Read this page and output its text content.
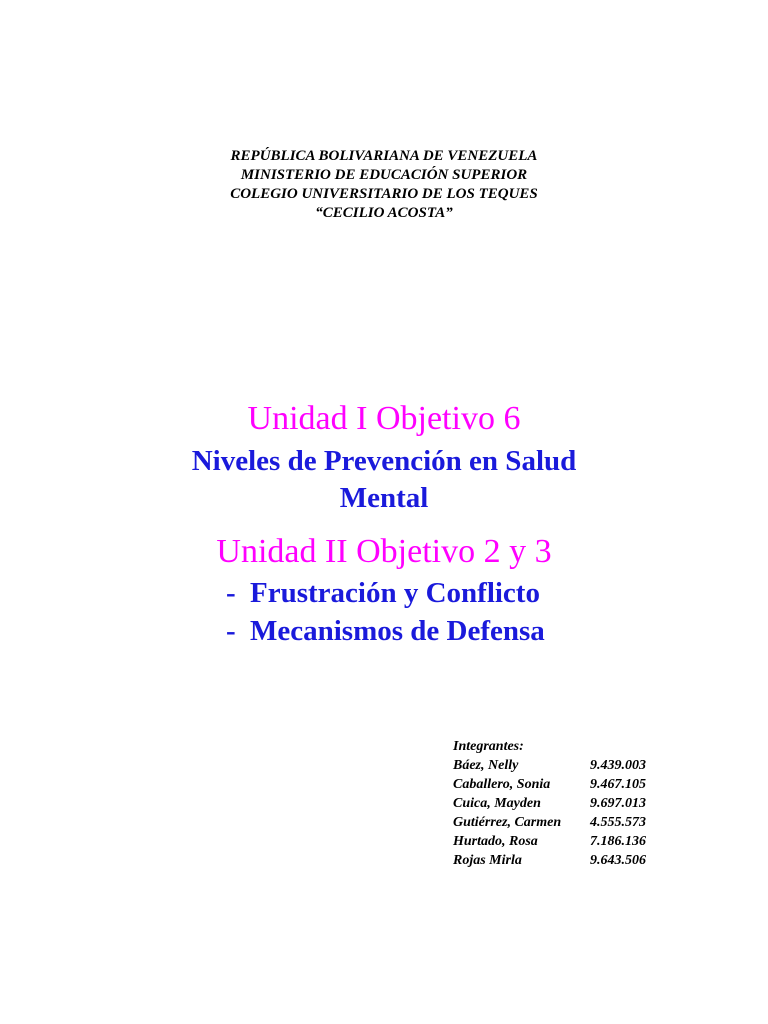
REPÚBLICA BOLIVARIANA DE VENEZUELA
MINISTERIO DE EDUCACIÓN SUPERIOR
COLEGIO UNIVERSITARIO DE LOS TEQUES
“CECILIO ACOSTA”
Unidad I Objetivo 6
Niveles de Prevención en Salud
Mental
Unidad II Objetivo 2 y 3
- Frustración y Conflicto
- Mecanismos de Defensa
Integrantes:
Báez, Nelly	9.439.003
Caballero, Sonia	9.467.105
Cuica, Mayden	9.697.013
Gutiérrez, Carmen	4.555.573
Hurtado, Rosa	7.186.136
Rojas Mirla	9.643.506
